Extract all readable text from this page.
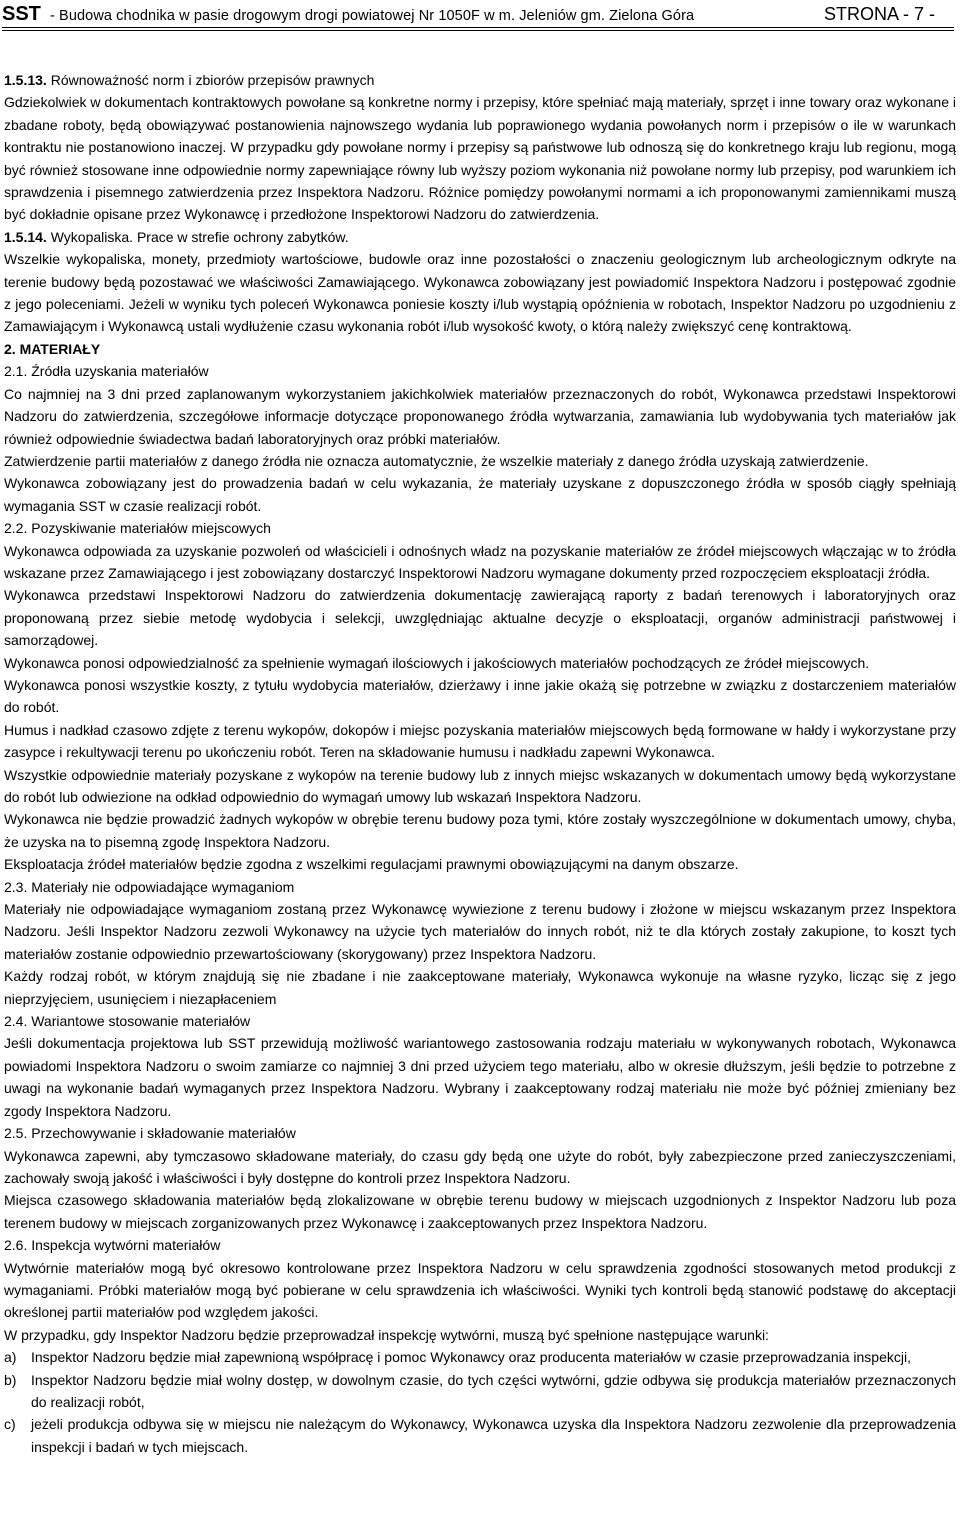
SST - Budowa chodnika w pasie drogowym drogi powiatowej Nr 1050F w m. Jeleniów gm. Zielona Góra	STRONA - 7 -

1.5.13. Równoważność norm i zbiorów przepisów prawnych

Gdziekolwiek w dokumentach kontraktowych powołane są konkretne normy i przepisy, które spełniać mają materiały, sprzęt i inne towary oraz wykonane i zbadane roboty, będą obowiązywać postanowienia najnowszego wydania lub poprawionego wydania powołanych norm i przepisów o ile w warunkach kontraktu nie postanowiono inaczej. W przypadku gdy powołane normy i przepisy są państwowe lub odnoszą się do konkretnego kraju lub regionu, mogą być również stosowane inne odpowiednie normy zapewniające równy lub wyższy poziom wykonania niż powołane normy lub przepisy, pod warunkiem ich sprawdzenia i pisemnego zatwierdzenia przez Inspektora Nadzoru. Różnice pomiędzy powołanymi normami a ich proponowanymi zamiennikami muszą być dokładnie opisane przez Wykonawcę i przedłożone Inspektorowi Nadzoru do zatwierdzenia.

1.5.14. Wykopaliska. Prace w strefie ochrony zabytków.

Wszelkie wykopaliska, monety, przedmioty wartościowe, budowle oraz inne pozostałości o znaczeniu geologicznym lub archeologicznym odkryte na terenie budowy będą pozostawać we właściwości Zamawiającego. Wykonawca zobowiązany jest powiadomić Inspektora Nadzoru i postępować zgodnie z jego poleceniami. Jeżeli w wyniku tych poleceń Wykonawca poniesie koszty i/lub wystąpią opóźnienia w robotach, Inspektor Nadzoru po uzgodnieniu z Zamawiającym i Wykonawcą ustali wydłużenie czasu wykonania robót i/lub wysokość kwoty, o którą należy zwiększyć cenę kontraktową.

2. MATERIAŁY

2.1. Źródła uzyskania materiałów

Co najmniej na 3 dni przed zaplanowanym wykorzystaniem jakichkolwiek materiałów przeznaczonych do robót, Wykonawca przedstawi Inspektorowi Nadzoru do zatwierdzenia, szczegółowe informacje dotyczące proponowanego źródła wytwarzania, zamawiania lub wydobywania tych materiałów jak również odpowiednie świadectwa badań laboratoryjnych oraz próbki materiałów.

Zatwierdzenie partii materiałów z danego źródła nie oznacza automatycznie, że wszelkie materiały z danego źródła uzyskają zatwierdzenie.

Wykonawca zobowiązany jest do prowadzenia badań w celu wykazania, że materiały uzyskane z dopuszczonego źródła w sposób ciągły spełniają wymagania SST w czasie realizacji robót.

2.2. Pozyskiwanie materiałów miejscowych

Wykonawca odpowiada za uzyskanie pozwoleń od właścicieli i odnośnych władz na pozyskanie materiałów ze źródeł miejscowych włączając w to źródła wskazane przez Zamawiającego i jest zobowiązany dostarczyć Inspektorowi Nadzoru wymagane dokumenty przed rozpoczęciem eksploatacji źródła.

Wykonawca przedstawi Inspektorowi Nadzoru do zatwierdzenia dokumentację zawierającą raporty z badań terenowych i laboratoryjnych oraz proponowaną przez siebie metodę wydobycia i selekcji, uwzględniając aktualne decyzje o eksploatacji, organów administracji państwowej i samorządowej.

Wykonawca ponosi odpowiedzialność za spełnienie wymagań ilościowych i jakościowych materiałów pochodzących ze źródeł miejscowych.

Wykonawca ponosi wszystkie koszty, z tytułu wydobycia materiałów, dzierżawy i inne jakie okażą się potrzebne w związku z dostarczeniem materiałów do robót.

Humus i nadkład czasowo zdjęte z terenu wykopów, dokopów i miejsc pozyskania materiałów miejscowych będą formowane w hałdy i wykorzystane przy zasypce i rekultywacji terenu po ukończeniu robót. Teren na składowanie humusu i nadkładu zapewni Wykonawca.

Wszystkie odpowiednie materiały pozyskane z wykopów na terenie budowy lub z innych miejsc wskazanych w dokumentach umowy będą wykorzystane do robót lub odwiezione na odkład odpowiednio do wymagań umowy lub wskazań Inspektora Nadzoru.

Wykonawca nie będzie prowadzić żadnych wykopów w obrębie terenu budowy poza tymi, które zostały wyszczególnione w dokumentach umowy, chyba, że uzyska na to pisemną zgodę Inspektora Nadzoru.

Eksploatacja źródeł materiałów będzie zgodna z wszelkimi regulacjami prawnymi obowiązującymi na danym obszarze.

2.3. Materiały nie odpowiadające wymaganiom

Materiały nie odpowiadające wymaganiom zostaną przez Wykonawcę wywiezione z terenu budowy i złożone w miejscu wskazanym przez Inspektora Nadzoru. Jeśli Inspektor Nadzoru zezwoli Wykonawcy na użycie tych materiałów do innych robót, niż te dla których zostały zakupione, to koszt tych materiałów zostanie odpowiednio przewartościowany (skorygowany) przez Inspektora Nadzoru.

Każdy rodzaj robót, w którym znajdują się nie zbadane i nie zaakceptowane materiały, Wykonawca wykonuje na własne ryzyko, licząc się z jego nieprzyjęciem, usunięciem i niezapłaceniem

2.4. Wariantowe stosowanie materiałów

Jeśli dokumentacja projektowa lub SST przewidują możliwość wariantowego zastosowania rodzaju materiału w wykonywanych robotach, Wykonawca powiadomi Inspektora Nadzoru o swoim zamiarze co najmniej 3 dni przed użyciem tego materiału, albo w okresie dłuższym, jeśli będzie to potrzebne z uwagi na wykonanie badań wymaganych przez Inspektora Nadzoru. Wybrany i zaakceptowany rodzaj materiału nie może być później zmieniany bez zgody Inspektora Nadzoru.

2.5. Przechowywanie i składowanie materiałów

Wykonawca zapewni, aby tymczasowo składowane materiały, do czasu gdy będą one użyte do robót, były zabezpieczone przed zanieczyszczeniami, zachowały swoją jakość i właściwości i były dostępne do kontroli przez Inspektora Nadzoru.

Miejsca czasowego składowania materiałów będą zlokalizowane w obrębie terenu budowy w miejscach uzgodnionych z Inspektor Nadzoru lub poza terenem budowy w miejscach zorganizowanych przez Wykonawcę i zaakceptowanych przez Inspektora Nadzoru.

2.6. Inspekcja wytwórni materiałów

Wytwórnie materiałów mogą być okresowo kontrolowane przez Inspektora Nadzoru w celu sprawdzenia zgodności stosowanych metod produkcji z wymaganiami. Próbki materiałów mogą być pobierane w celu sprawdzenia ich właściwości. Wyniki tych kontroli będą stanowić podstawę do akceptacji określonej partii materiałów pod względem jakości.

W przypadku, gdy Inspektor Nadzoru będzie przeprowadzał inspekcję wytwórni, muszą być spełnione następujące warunki:

a)	Inspektor Nadzoru będzie miał zapewnioną współpracę i pomoc Wykonawcy oraz producenta materiałów w czasie przeprowadzania inspekcji,
b)	Inspektor Nadzoru będzie miał wolny dostęp, w dowolnym czasie, do tych części wytwórni, gdzie odbywa się produkcja materiałów przeznaczonych do realizacji robót,
c)	jeżeli produkcja odbywa się w miejscu nie należącym do Wykonawcy, Wykonawca uzyska dla Inspektora Nadzoru zezwolenie dla przeprowadzenia inspekcji i badań w tych miejscach.
